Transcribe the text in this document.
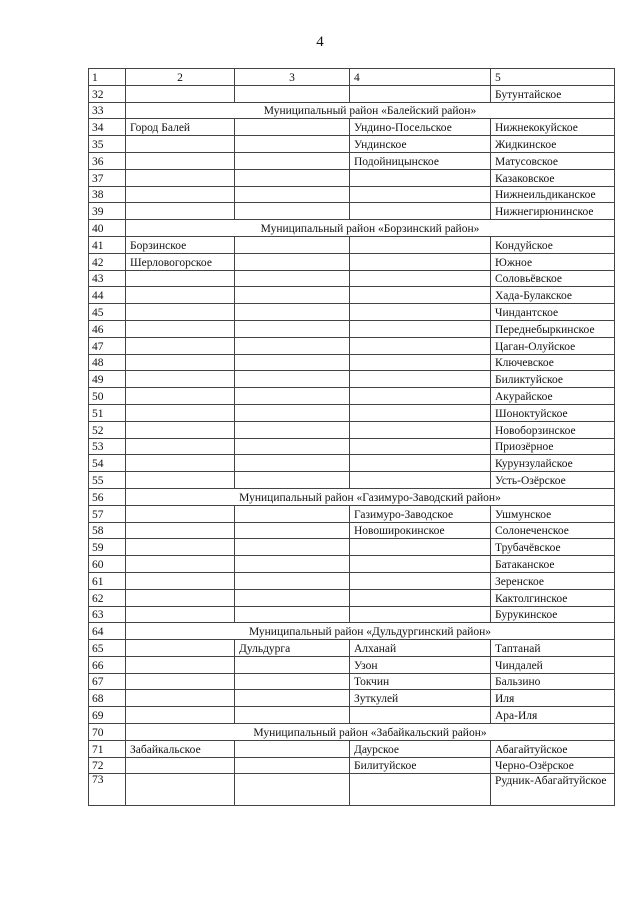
4
1	2	3	4	5
32				Бутунтайское
33	Муниципальный район «Балейский район»			
34	Город Балей		Ундино-Посельское	Нижнекокуйское
35			Ундинское	Жидкинское
36			Подойницынское	Матусовское
37				Казаковское
38				Нижнеильдиканское
39				Нижнегирюнинское
40	Муниципальный район «Борзинский район»			
41	Борзинское			Кондуйское
42	Шерловогорское			Южное
43				Соловьёвское
44				Хада-Булакское
45				Чиндантское
46				Переднебыркинское
47				Цаган-Олуйское
48				Ключевское
49				Биликтуйское
50				Акурайское
51				Шоноктуйское
52				Новоборзинское
53				Приозёрное
54				Курунзулайское
55				Усть-Озёрское
56	Муниципальный район «Газимуро-Заводский район»			
57			Газимуро-Заводское	Ушмунское
58			Новоширокинское	Солонеченское
59				Трубачёвское
60				Батаканское
61				Зеренское
62				Кактолгинское
63				Бурукинское
64	Муниципальный район «Дульдургинский район»			
65		Дульдурга	Алханай	Таптанай
66			Узон	Чиндалей
67			Токчин	Бальзино
68			Зуткулей	Иля
69				Ара-Иля
70	Муниципальный район «Забайкальский район»			
71	Забайкальское		Даурское	Абагайтуйское
72			Билитуйское	Черно-Озёрское
73				Рудник-Абагайтуйское
